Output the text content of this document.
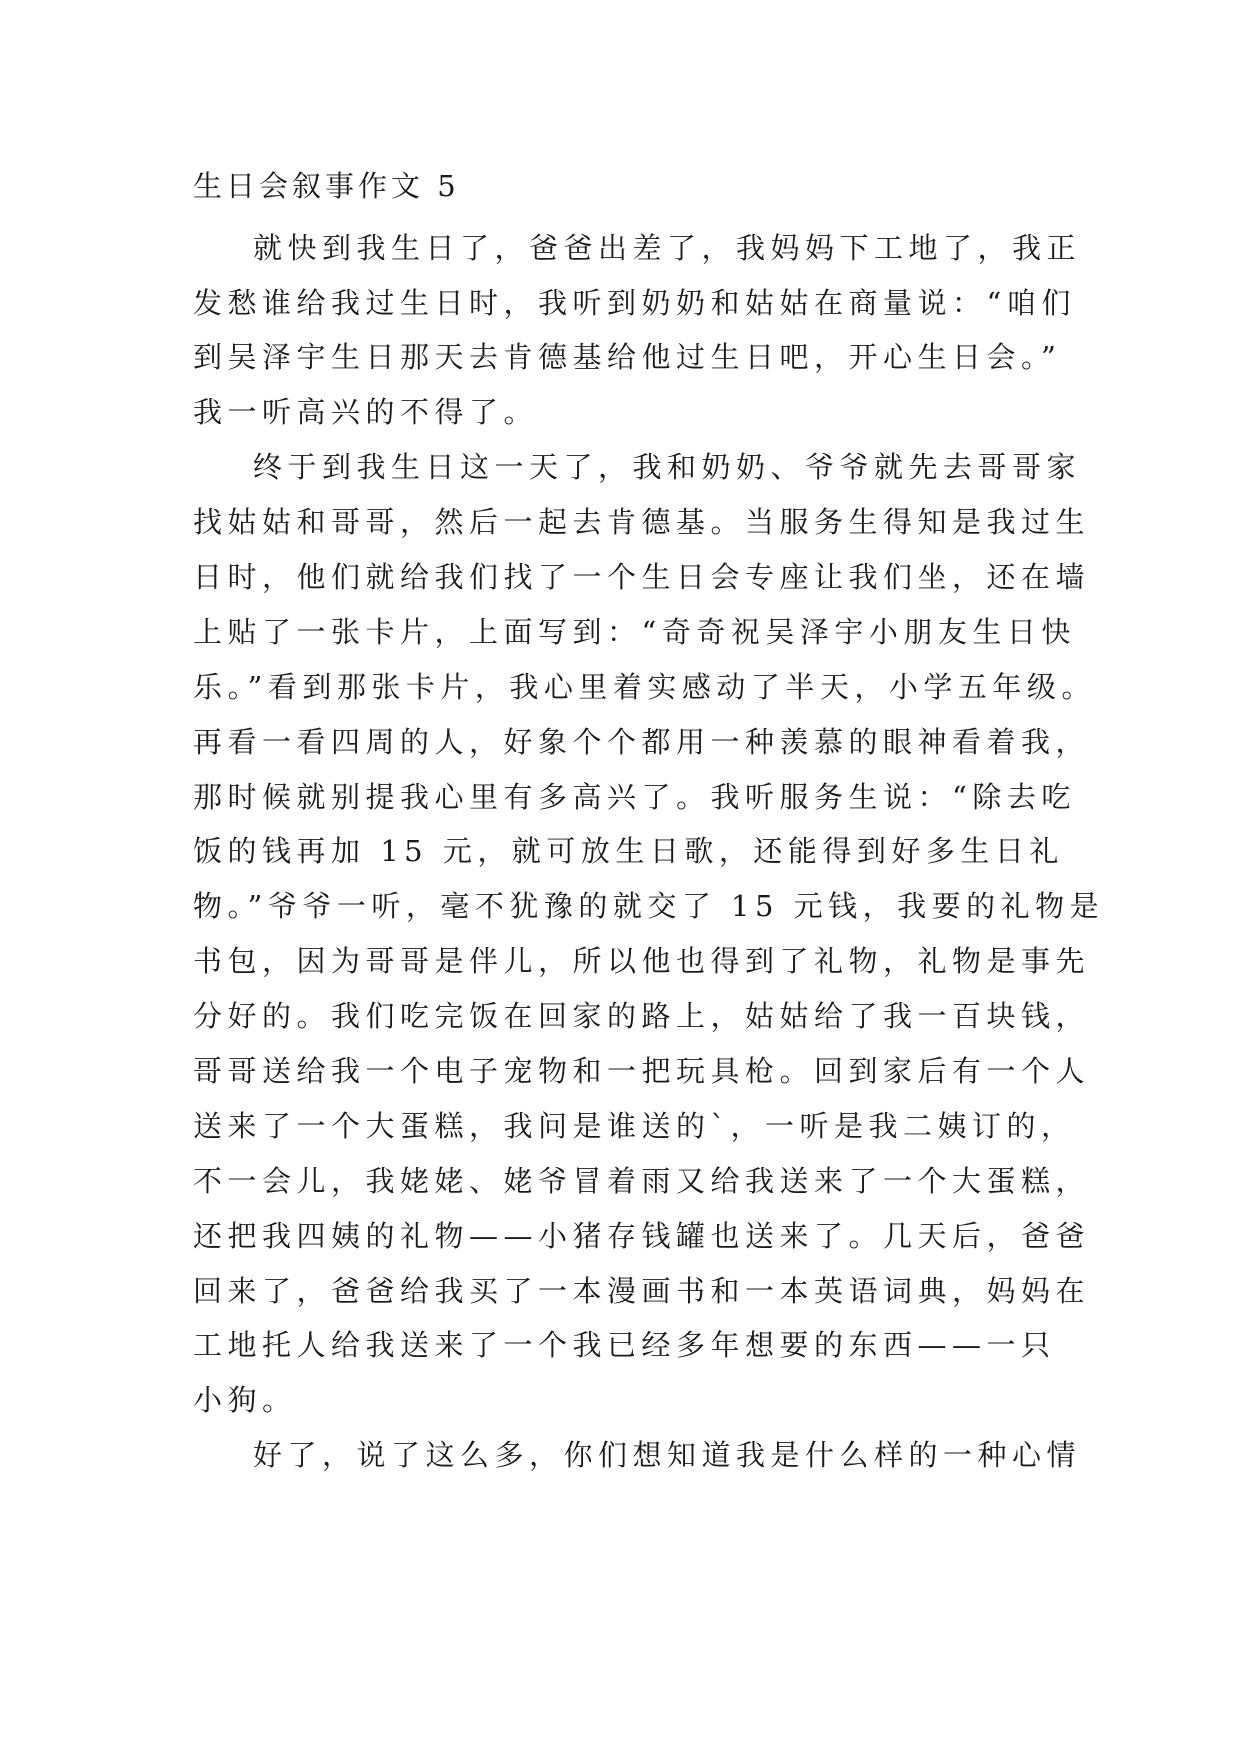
生日会叙事作文 5
就快到我生日了，爸爸出差了，我妈妈下工地了，我正
发愁谁给我过生日时，我听到奶奶和姑姑在商量说：“咱们
到吴泽宇生日那天去肯德基给他过生日吧，开心生日会。”
我一听高兴的不得了。
终于到我生日这一天了，我和奶奶、爷爷就先去哥哥家
找姑姑和哥哥，然后一起去肯德基。当服务生得知是我过生
日时，他们就给我们找了一个生日会专座让我们坐，还在墙
上贴了一张卡片，上面写到：“奇奇祝吴泽宇小朋友生日快
乐。”看到那张卡片，我心里着实感动了半天，小学五年级。
再看一看四周的人，好象个个都用一种羡慕的眼神看着我，
那时候就别提我心里有多高兴了。我听服务生说：“除去吃
饭的钱再加 15 元，就可放生日歌，还能得到好多生日礼
物。”爷爷一听，毫不犹豫的就交了 15 元钱，我要的礼物是
书包，因为哥哥是伴儿，所以他也得到了礼物，礼物是事先
分好的。我们吃完饭在回家的路上，姑姑给了我一百块钱，
哥哥送给我一个电子宠物和一把玩具枪。回到家后有一个人
送来了一个大蛋糕，我问是谁送的`，一听是我二姨订的，
不一会儿，我姥姥、姥爷冒着雨又给我送来了一个大蛋糕，
还把我四姨的礼物——小猪存钱罐也送来了。几天后，爸爸
回来了，爸爸给我买了一本漫画书和一本英语词典，妈妈在
工地托人给我送来了一个我已经多年想要的东西——一只
小狗。
好了，说了这么多，你们想知道我是什么样的一种心情
